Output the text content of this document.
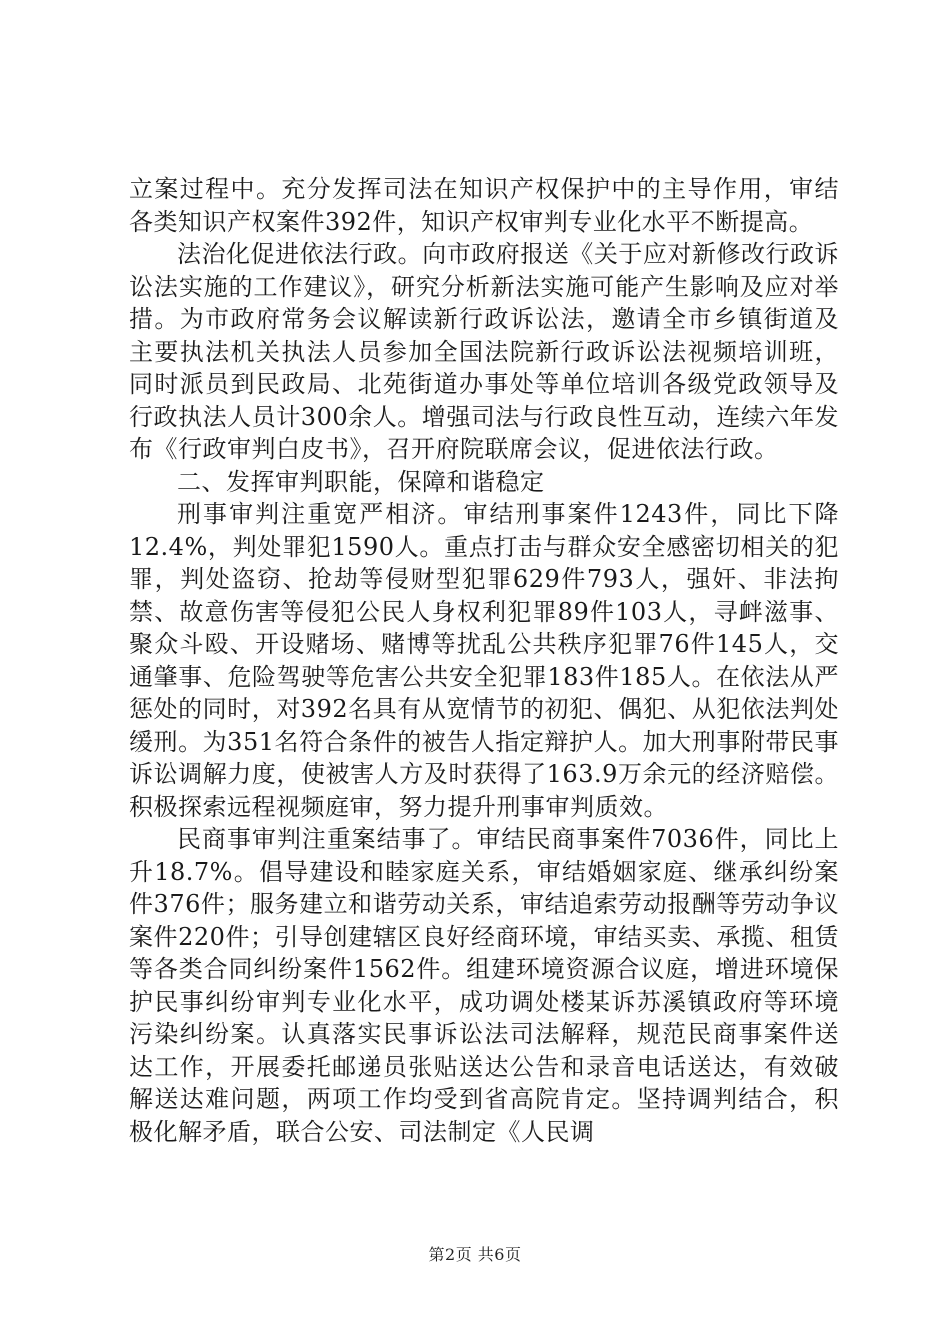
立案过程中。充分发挥司法在知识产权保护中的主导作用，审结各类知识产权案件392件，知识产权审判专业化水平不断提高。

法治化促进依法行政。向市政府报送《关于应对新修改行政诉讼法实施的工作建议》，研究分析新法实施可能产生影响及应对举措。为市政府常务会议解读新行政诉讼法，邀请全市乡镇街道及主要执法机关执法人员参加全国法院新行政诉讼法视频培训班，同时派员到民政局、北苑街道办事处等单位培训各级党政领导及行政执法人员计300余人。增强司法与行政良性互动，连续六年发布《行政审判白皮书》，召开府院联席会议，促进依法行政。

二、发挥审判职能，保障和谐稳定

刑事审判注重宽严相济。审结刑事案件1243件，同比下降12.4%，判处罪犯1590人。重点打击与群众安全感密切相关的犯罪，判处盗窃、抢劫等侵财型犯罪629件793人，强奸、非法拘禁、故意伤害等侵犯公民人身权利犯罪89件103人，寻衅滋事、聚众斗殴、开设赌场、赌博等扰乱公共秩序犯罪76件145人，交通肇事、危险驾驶等危害公共安全犯罪183件185人。在依法从严惩处的同时，对392名具有从宽情节的初犯、偶犯、从犯依法判处缓刑。为351名符合条件的被告人指定辩护人。加大刑事附带民事诉讼调解力度，使被害人方及时获得了163.9万余元的经济赔偿。积极探索远程视频庭审，努力提升刑事审判质效。

民商事审判注重案结事了。审结民商事案件7036件，同比上升18.7%。倡导建设和睦家庭关系，审结婚姻家庭、继承纠纷案件376件；服务建立和谐劳动关系，审结追索劳动报酬等劳动争议案件220件；引导创建辖区良好经商环境，审结买卖、承揽、租赁等各类合同纠纷案件1562件。组建环境资源合议庭，增进环境保护民事纠纷审判专业化水平，成功调处楼某诉苏溪镇政府等环境污染纠纷案。认真落实民事诉讼法司法解释，规范民商事案件送达工作，开展委托邮递员张贴送达公告和录音电话送达，有效破解送达难问题，两项工作均受到省高院肯定。坚持调判结合，积极化解矛盾，联合公安、司法制定《人民调

第2页 共6页
